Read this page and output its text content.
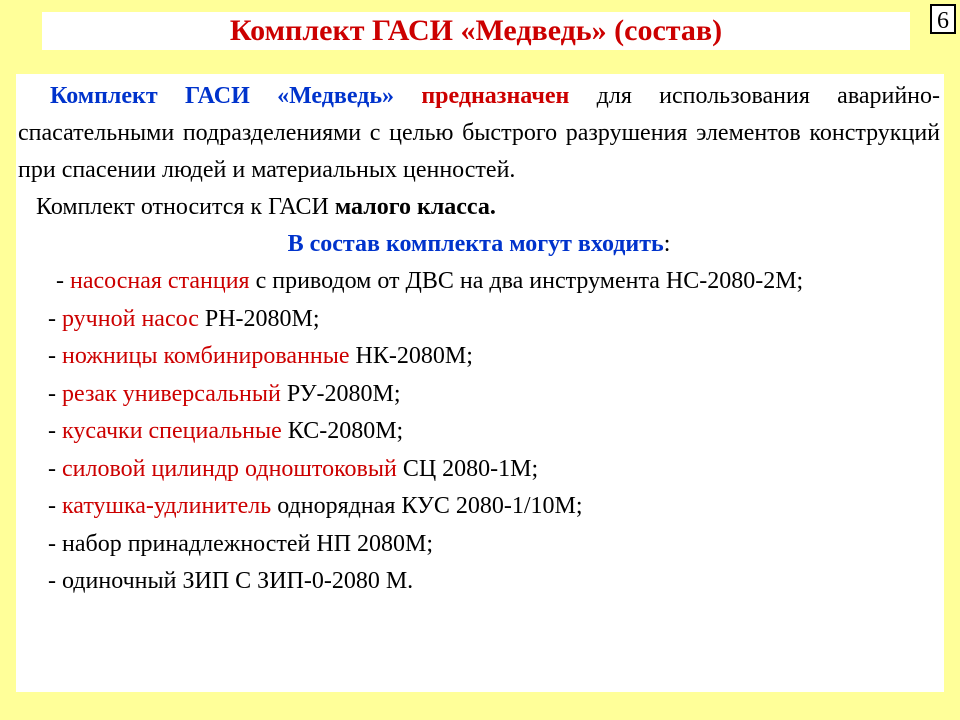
Комплект ГАСИ «Медведь» (состав)	6

Комплект ГАСИ «Медведь» предназначен для использования аварийно-спасательными подразделениями с целью быстрого разрушения элементов конструкций при спасении людей и материальных ценностей.

Комплект относится к ГАСИ малого класса.

В состав комплекта могут входить:

- насосная станция с приводом от ДВС на два инструмента НС-2080-2М;

- ручной насос РН-2080М;

- ножницы комбинированные НК-2080М;

- резак универсальный РУ-2080М;

- кусачки специальные КС-2080М;

- силовой цилиндр одноштоковый СЦ 2080-1М;

- катушка-удлинитель однорядная КУС 2080-1/10М;

- набор принадлежностей НП 2080М;

- одиночный ЗИП С ЗИП-0-2080 М.
